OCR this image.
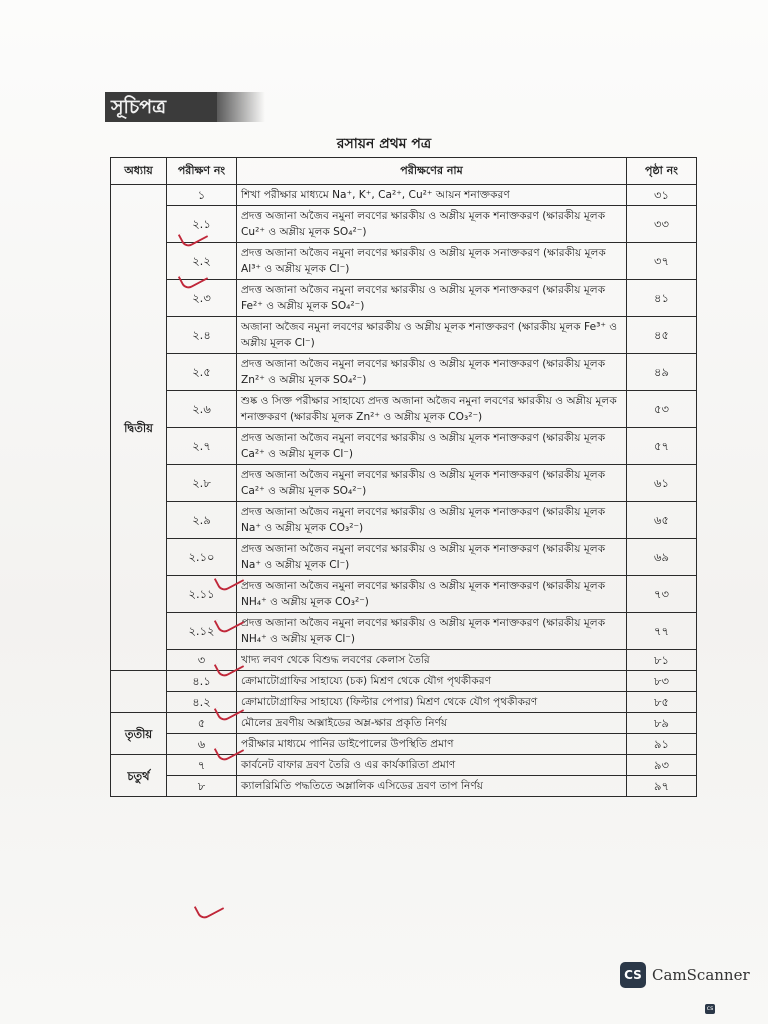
সূচিপত্র
রসায়ন প্রথম পত্র
অধ্যায়	পরীক্ষণ নং	পরীক্ষণের নাম	পৃষ্ঠা নং
দ্বিতীয়	১	শিখা পরীক্ষার মাধ্যমে Na⁺, K⁺, Ca²⁺, Cu²⁺ আয়ন শনাক্তকরণ	৩১
	২.১	প্রদত্ত অজানা অজৈব নমুনা লবণের ক্ষারকীয় ও অম্লীয় মূলক শনাক্তকরণ (ক্ষারকীয় মূলক Cu²⁺ ও অম্লীয় মূলক SO₄²⁻)	৩৩
	২.২	প্রদত্ত অজানা অজৈব নমুনা লবণের ক্ষারকীয় ও অম্লীয় মূলক সনাক্তকরণ (ক্ষারকীয় মূলক Al³⁺ ও অম্লীয় মূলক Cl⁻)	৩৭
	২.৩	প্রদত্ত অজানা অজৈব নমুনা লবণের ক্ষারকীয় ও অম্লীয় মূলক শনাক্তকরণ (ক্ষারকীয় মূলক Fe²⁺ ও অম্লীয় মূলক SO₄²⁻)	৪১
	২.৪	অজানা অজৈব নমুনা লবণের ক্ষারকীয় ও অম্লীয় মূলক শনাক্তকরণ (ক্ষারকীয় মূলক Fe³⁺ ও অম্লীয় মূলক Cl⁻)	৪৫
	২.৫	প্রদত্ত অজানা অজৈব নমুনা লবণের ক্ষারকীয় ও অম্লীয় মূলক শনাক্তকরণ (ক্ষারকীয় মূলক Zn²⁺ ও অম্লীয় মূলক SO₄²⁻)	৪৯
	২.৬	শুষ্ক ও সিক্ত পরীক্ষার সাহায্যে প্রদত্ত অজানা অজৈব নমুনা লবণের ক্ষারকীয় ও অম্লীয় মূলক শনাক্তকরণ (ক্ষারকীয় মূলক Zn²⁺ ও অম্লীয় মূলক CO₃²⁻)	৫৩
	২.৭	প্রদত্ত অজানা অজৈব নমুনা লবণের ক্ষারকীয় ও অম্লীয় মূলক শনাক্তকরণ (ক্ষারকীয় মূলক Ca²⁺ ও অম্লীয় মূলক Cl⁻)	৫৭
	২.৮	প্রদত্ত অজানা অজৈব নমুনা লবণের ক্ষারকীয় ও অম্লীয় মূলক শনাক্তকরণ (ক্ষারকীয় মূলক Ca²⁺ ও অম্লীয় মূলক SO₄²⁻)	৬১
	২.৯	প্রদত্ত অজানা অজৈব নমুনা লবণের ক্ষারকীয় ও অম্লীয় মূলক শনাক্তকরণ (ক্ষারকীয় মূলক Na⁺ ও অম্লীয় মূলক CO₃²⁻)	৬৫
	২.১০	প্রদত্ত অজানা অজৈব নমুনা লবণের ক্ষারকীয় ও অম্লীয় মূলক শনাক্তকরণ (ক্ষারকীয় মূলক Na⁺ ও অম্লীয় মূলক Cl⁻)	৬৯
	২.১১	প্রদত্ত অজানা অজৈব নমুনা লবণের ক্ষারকীয় ও অম্লীয় মূলক শনাক্তকরণ (ক্ষারকীয় মূলক NH₄⁺ ও অম্লীয় মূলক CO₃²⁻)	৭৩
	২.১২	প্রদত্ত অজানা অজৈব নমুনা লবণের ক্ষারকীয় ও অম্লীয় মূলক শনাক্তকরণ (ক্ষারকীয় মূলক NH₄⁺ ও অম্লীয় মূলক Cl⁻)	৭৭
	৩	খাদ্য লবণ থেকে বিশুদ্ধ লবণের কেলাস তৈরি	৮১
	৪.১	ক্রোমাটোগ্রাফির সাহায্যে (চক) মিশ্রণ থেকে যৌগ পৃথকীকরণ	৮৩
	৪.২	ক্রোমাটোগ্রাফির সাহায্যে (ফিল্টার পেপার) মিশ্রণ থেকে যৌগ পৃথকীকরণ	৮৫
তৃতীয়	৫	মৌলের দ্রবণীয় অক্সাইডের অম্ল-ক্ষার প্রকৃতি নির্ণয়	৮৯
	৬	পরীক্ষার মাধ্যমে পানির ডাইপোলের উপস্থিতি প্রমাণ	৯১
চতুর্থ	৭	কার্বনেট বাফার দ্রবণ তৈরি ও এর কার্যকারিতা প্রমাণ	৯৩
	৮	ক্যালরিমিতি পদ্ধতিতে অম্লালিক এসিডের দ্রবণ তাপ নির্ণয়	৯৭
CS CamScanner
cs
